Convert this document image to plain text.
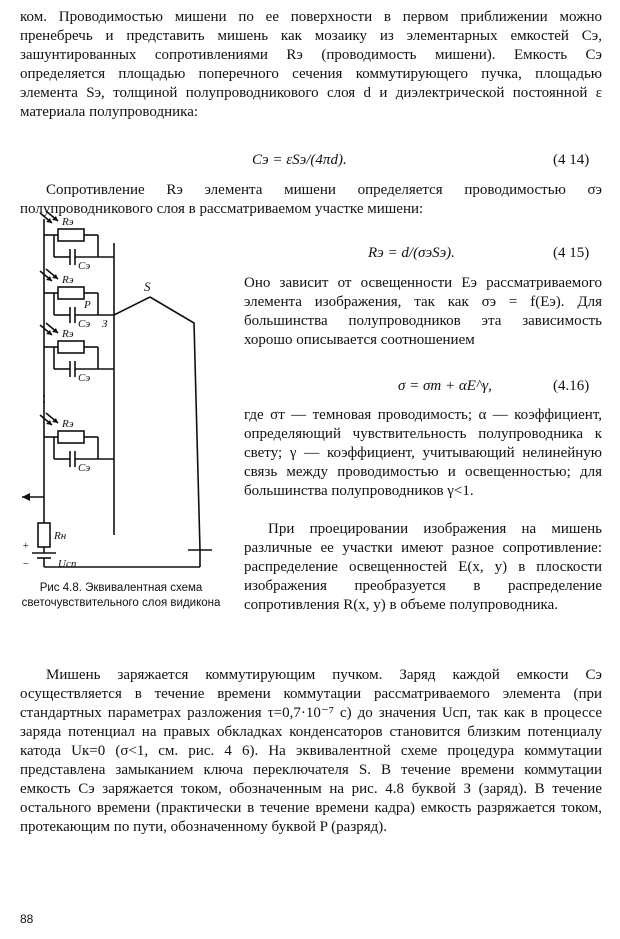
ком. Проводимостью мишени по ее поверхности в первом приближении можно пренебречь и представить мишень как мозаику из элементарных емкостей Cэ, зашунтированных сопротивлениями Rэ (проводимость мишени). Емкость Cэ определяется площадью поперечного сечения коммутирующего пучка, площадью элемента Sэ, толщиной полупроводникового слоя d и диэлектрической постоянной ε материала полупроводника:

Cэ = εSэ/(4πd).	(4 14)

Сопротивление Rэ элемента мишени определяется проводимостью σэ полупроводникового слоя в рассматриваемом участке мишени:

Rэ = d/(σэSэ).	(4 15)

Оно зависит от освещенности Eэ рассматриваемого элемента изображения, так как σэ = f(Eэ). Для большинства полупроводников эта зависимость хорошо описывается соотношением

σ = σт + αE^γ,	(4.16)

где σт — темновая проводимость; α — коэффициент, определяющий чувствительность полупроводника к свету; γ — коэффициент, учитывающий нелинейную связь между проводимостью и освещенностью; для большинства полупроводников γ<1.

При проецировании изображения на мишень различные ее участки имеют разное сопротивление: распределение освещенностей E(x, y) в плоскости изображения преобразуется в распределение сопротивления R(x, y) в объеме полупроводника.

Rэ
Cэ
Rэ
Cэ З
P
Rэ
Cэ
Rэ
Cэ
S
Rн
+
−	Uсп
Рис 4.8. Эквивалентная схема светочувствительного слоя видикона

Мишень заряжается коммутирующим пучком. Заряд каждой емкости Cэ осуществляется в течение времени коммутации рассматриваемого элемента (при стандартных параметрах разложения τ=0,7·10⁻⁷ с) до значения Uсп, так как в процессе заряда потенциал на правых обкладках конденсаторов становится близким потенциалу катода Uк=0 (σ<1, см. рис. 4 6). На эквивалентной схеме процедура коммутации представлена замыканием ключа переключателя S. В течение времени коммутации емкость Cэ заряжается током, обозначенным на рис. 4.8 буквой З (заряд). В течение остального времени (практически в течение времени кадра) емкость разряжается током, протекающим по пути, обозначенному буквой P (разряд).

88
